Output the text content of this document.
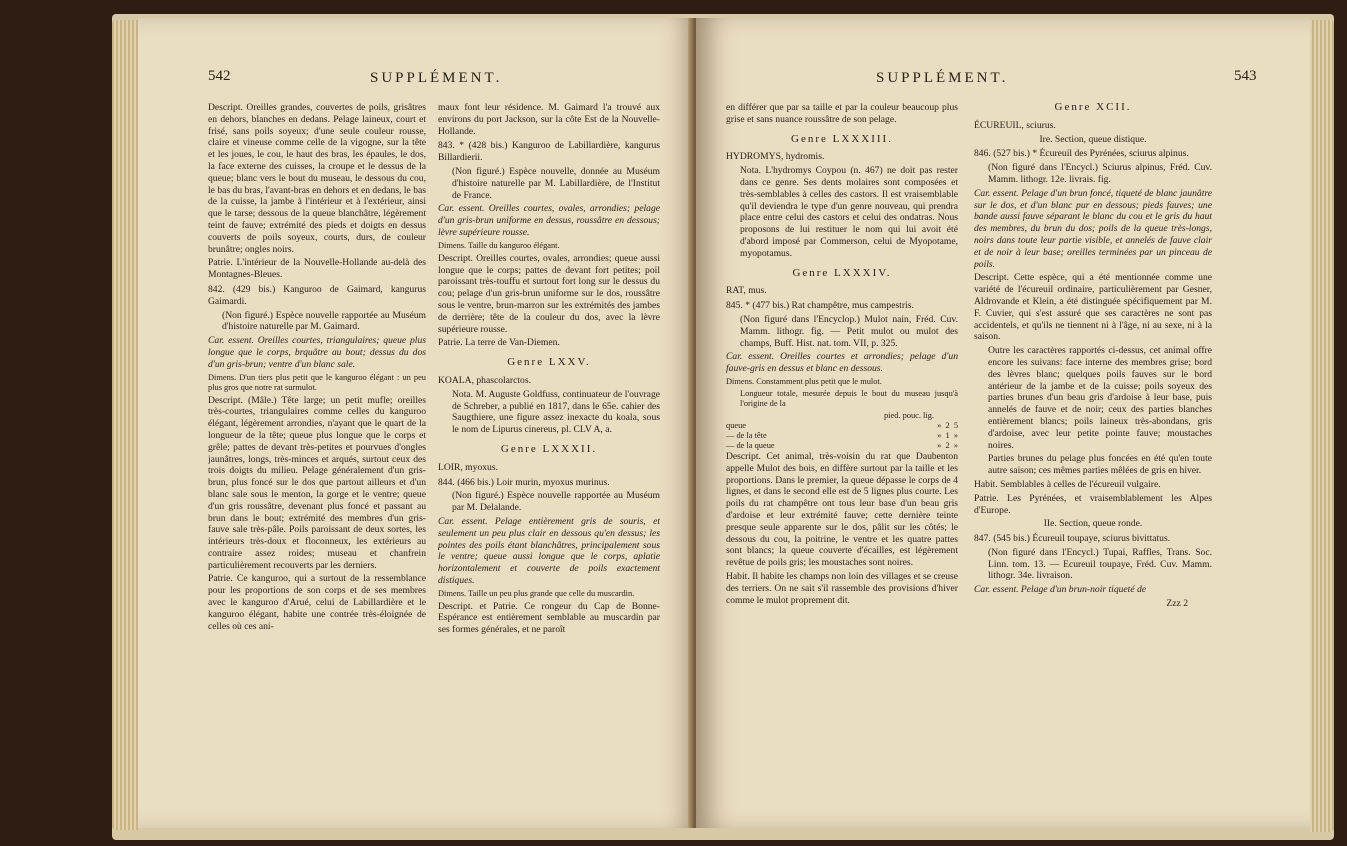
542	SUPPLÉMENT.

Descript. Oreilles grandes, couvertes de poils, grisâtres en dehors, blanches en dedans. Pelage laineux, court et frisé, sans poils soyeux; d'une seule couleur rousse, claire et vineuse comme celle de la vigogne, sur la tête et les joues, le cou, le haut des bras, les épaules, le dos, la face externe des cuisses, la croupe et le dessus de la queue; blanc vers le bout du museau, le dessous du cou, le bas du bras, l'avant-bras en dehors et en dedans, le bas de la cuisse, la jambe à l'intérieur et à l'extérieur, ainsi que le tarse; dessous de la queue blanchâtre, légèrement teint de fauve; extrémité des pieds et doigts en dessus couverts de poils soyeux, courts, durs, de couleur brunâtre; ongles noirs.

Patrie. L'intérieur de la Nouvelle-Hollande au-delà des Montagnes-Bleues.

842. (429 bis.) Kanguroo de Gaimard, kangurus Gaimardi.

(Non figuré.) Espèce nouvelle rapportée au Muséum d'histoire naturelle par M. Gaimard.

Car. essent. Oreilles courtes, triangulaires; queue plus longue que le corps, brquâtre au bout; dessus du dos d'un gris-brun; ventre d'un blanc sale.

Dimens. D'un tiers plus petit que le kanguroo élégant : un peu plus gros que notre rat surmulot.

Descript. (Mâle.) Tête large; un petit mufle; oreilles très-courtes, triangulaires comme celles du kanguroo élégant, légèrement arrondies, n'ayant que le quart de la longueur de la tête; queue plus longue que le corps et grêle; pattes de devant très-petites et pourvues d'ongles jaunâtres, longs, très-minces et arqués, surtout ceux des trois doigts du milieu. Pelage généralement d'un gris-brun, plus foncé sur le dos que partout ailleurs et d'un blanc sale sous le menton, la gorge et le ventre; queue d'un gris roussâtre, devenant plus foncé et passant au brun dans le bout; extrémité des membres d'un gris-fauve sale très-pâle. Poils paroissant de deux sortes, les intérieurs très-doux et floconneux, les extérieurs au contraire assez roides; museau et chanfrein particulièrement recouverts par les derniers.

Patrie. Ce kanguroo, qui a surtout de la ressemblance pour les proportions de son corps et de ses membres avec le kanguroo d'Arué, celui de Labillardière et le kanguroo élégant, habite une contrée très-éloignée de celles où ces ani-

maux font leur résidence. M. Gaimard l'a trouvé aux environs du port Jackson, sur la côte Est de la Nouvelle-Hollande.

843. * (428 bis.) Kanguroo de Labillardière, kangurus Billardierii.

(Non figuré.) Espèce nouvelle, donnée au Muséum d'histoire naturelle par M. Labillardière, de l'Institut de France.

Car. essent. Oreilles courtes, ovales, arrondies; pelage d'un gris-brun uniforme en dessus, roussâtre en dessous; lèvre supérieure rousse.

Dimens. Taille du kanguroo élégant.

Descript. Oreilles courtes, ovales, arrondies; queue aussi longue que le corps; pattes de devant fort petites; poil paroissant très-touffu et surtout fort long sur le dessus du cou; pelage d'un gris-brun uniforme sur le dos, roussâtre sous le ventre, brun-marron sur les extrémités des jambes de derrière; tête de la couleur du dos, avec la lèvre supérieure rousse.

Patrie. La terre de Van-Diemen.

Genre LXXV.

KOALA, phascolarctos.

Nota. M. Auguste Goldfuss, continuateur de l'ouvrage de Schreber, a publié en 1817, dans le 65e. cahier des Saugthiere, une figure assez inexacte du koala, sous le nom de Lipurus cinereus, pl. CLV A, a.

Genre LXXXII.

LOIR, myoxus.

844. (466 bis.) Loir murin, myoxus murinus.

(Non figuré.) Espèce nouvelle rapportée au Muséum par M. Delalande.

Car. essent. Pelage entièrement gris de souris, et seulement un peu plus clair en dessous qu'en dessus; les pointes des poils étant blanchâtres, principalement sous le ventre; queue aussi longue que le corps, aplatie horizontalement et couverte de poils exactement distiques.

Dimens. Taille un peu plus grande que celle du muscardin.

Descript. et Patrie. Ce rongeur du Cap de Bonne-Espérance est entièrement semblable au muscardin par ses formes générales, et ne paroît

SUPPLÉMENT.	543

en différer que par sa taille et par la couleur beaucoup plus grise et sans nuance roussâtre de son pelage.

Genre LXXXIII.

HYDROMYS, hydromis.

Nota. L'hydromys Coypou (n. 467) ne doit pas rester dans ce genre. Ses dents molaires sont composées et très-semblables à celles des castors. Il est vraisemblable qu'il deviendra le type d'un genre nouveau, qui prendra place entre celui des castors et celui des ondatras. Nous proposons de lui restituer le nom qui lui avoit été d'abord imposé par Commerson, celui de Myopotame, myopotamus.

Genre LXXXIV.

RAT, mus.

845. * (477 bis.) Rat champêtre, mus campestris.

(Non figuré dans l'Encyclop.) Mulot nain, Fréd. Cuv. Mamm. lithogr. fig. — Petit mulot ou mulot des champs, Buff. Hist. nat. tom. VII, p. 325.

Car. essent. Oreilles courtes et arrondies; pelage d'un fauve-gris en dessus et blanc en dessous.

Dimens. Constamment plus petit que le mulot.

Longueur totale, mesurée depuis le bout du museau jusqu'à l'origine de la

pied. pouc. lig.
queue	» 2 5
— de la tête	» 1 »
— de la queue	» 2 »

Descript. Cet animal, très-voisin du rat que Daubenton appelle Mulot des bois, en diffère surtout par la taille et les proportions. Dans le premier, la queue dépasse le corps de 4 lignes, et dans le second elle est de 5 lignes plus courte. Les poils du rat champêtre ont tous leur base d'un beau gris d'ardoise et leur extrémité fauve; cette dernière teinte presque seule apparente sur le dos, pâlit sur les côtés; le dessous du cou, la poitrine, le ventre et les quatre pattes sont blancs; la queue couverte d'écailles, est légèrement revêtue de poils gris; les moustaches sont noires.

Habit. Il habite les champs non loin des villages et se creuse des terriers. On ne sait s'il rassemble des provisions d'hiver comme le mulot proprement dit.

Genre XCII.

ÉCUREUIL, sciurus.

Ire. Section, queue distique.

846. (527 bis.) * Écureuil des Pyrénées, sciurus alpinus.

(Non figuré dans l'Encycl.) Sciurus alpinus, Fréd. Cuv. Mamm. lithogr. 12e. livrais. fig.

Car. essent. Pelage d'un brun foncé, tiqueté de blanc jaunâtre sur le dos, et d'un blanc pur en dessous; pieds fauves; une bande aussi fauve séparant le blanc du cou et le gris du haut des membres, du brun du dos; poils de la queue très-longs, noirs dans toute leur partie visible, et annelés de fauve clair et de noir à leur base; oreilles terminées par un pinceau de poils.

Descript. Cette espèce, qui a été mentionnée comme une variété de l'écureuil ordinaire, particulièrement par Gesner, Aldrovande et Klein, a été distinguée spécifiquement par M. F. Cuvier, qui s'est assuré que ses caractères ne sont pas accidentels, et qu'ils ne tiennent ni à l'âge, ni au sexe, ni à la saison.

Outre les caractères rapportés ci-dessus, cet animal offre encore les suivans: face interne des membres grise; bord des lèvres blanc; quelques poils fauves sur le bord antérieur de la jambe et de la cuisse; poils soyeux des parties brunes d'un beau gris d'ardoise à leur base, puis annelés de fauve et de noir; ceux des parties blanches entièrement blancs; poils laineux très-abondans, gris d'ardoise, avec leur petite pointe fauve; moustaches noires.

Parties brunes du pelage plus foncées en été qu'en toute autre saison; ces mêmes parties mêlées de gris en hiver.

Habit. Semblables à celles de l'écureuil vulgaire.

Patrie. Les Pyrénées, et vraisemblablement les Alpes d'Europe.

IIe. Section, queue ronde.

847. (545 bis.) Écureuil toupaye, sciurus bivittatus.

(Non figuré dans l'Encycl.) Tupai, Raffles, Trans. Soc. Linn. tom. 13. — Ecureuil toupaye, Fréd. Cuv. Mamm. lithogr. 34e. livraison.

Car. essent. Pelage d'un brun-noir tiqueté de

Zzz 2
